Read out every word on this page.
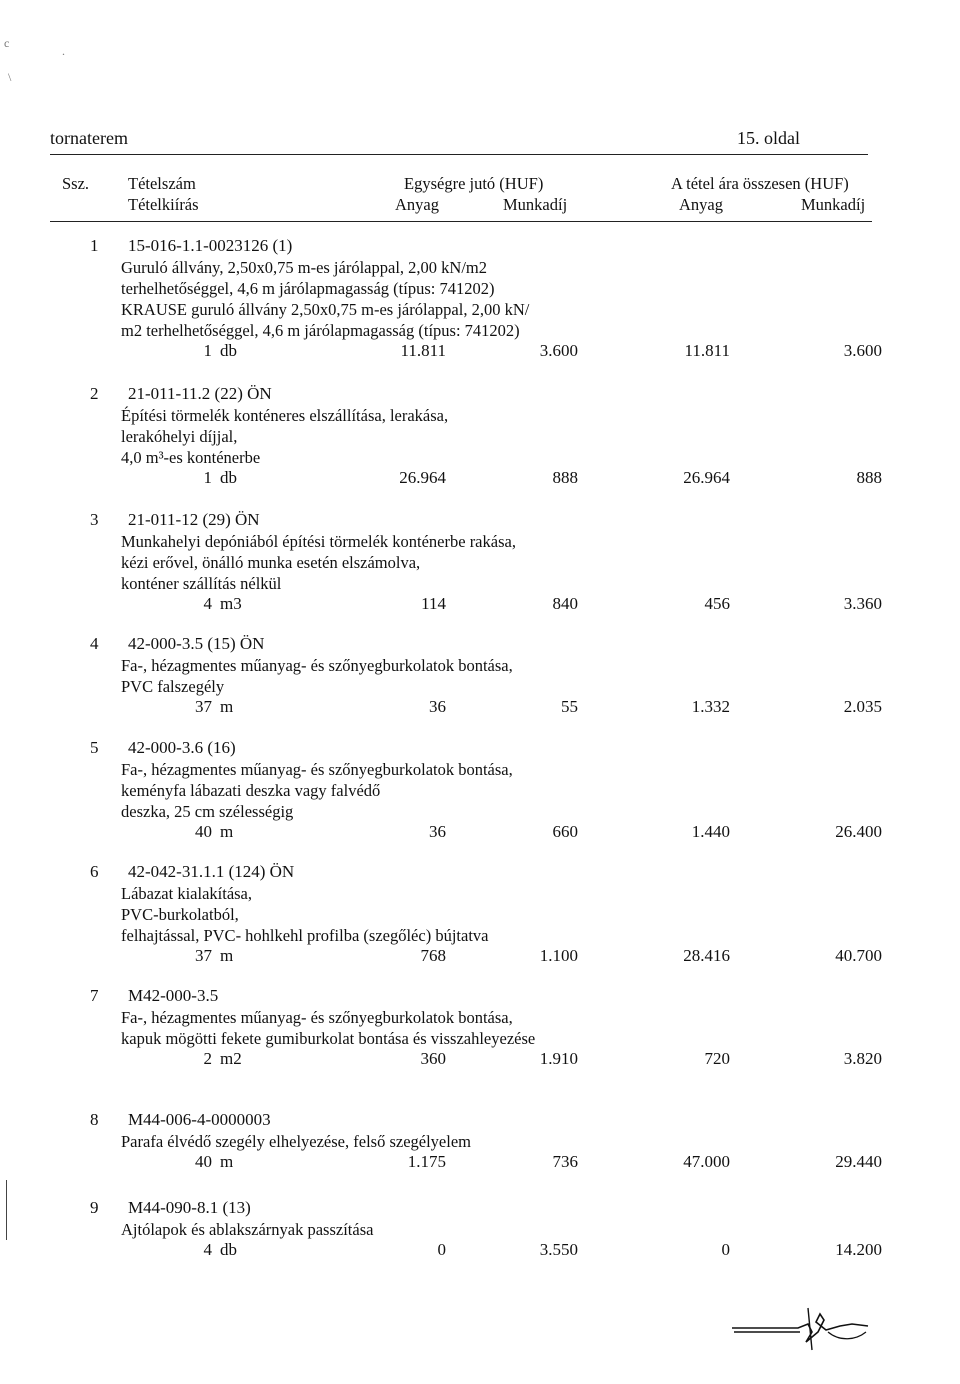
c
.
\
tornaterem	15. oldal
Ssz. Tételszám
Tételkiírás
Egységre jutó (HUF)
Anyag	Munkadíj
A tétel ára összesen (HUF)
Anyag	Munkadíj
1	15-016-1.1-0023126 (1)
Guruló állvány, 2,50x0,75 m-es járólappal, 2,00 kN/m2
terhelhetőséggel, 4,6 m járólapmagasság (típus: 741202)
KRAUSE guruló állvány 2,50x0,75 m-es járólappal, 2,00 kN/
m2 terhelhetőséggel, 4,6 m járólapmagasság (típus: 741202)
1 db	11.811	3.600	11.811	3.600
2	21-011-11.2 (22) ÖN
Építési törmelék konténeres elszállítása, lerakása,
lerakóhelyi díjjal,
4,0 m³-es konténerbe
1 db	26.964	888	26.964	888
3	21-011-12 (29) ÖN
Munkahelyi depóniából építési törmelék konténerbe rakása,
kézi erővel, önálló munka esetén elszámolva,
konténer szállítás nélkül
4 m3	114	840	456	3.360
4	42-000-3.5 (15) ÖN
Fa-, hézagmentes műanyag- és szőnyegburkolatok bontása,
PVC falszegély
37 m	36	55	1.332	2.035
5	42-000-3.6 (16)
Fa-, hézagmentes műanyag- és szőnyegburkolatok bontása,
keményfa lábazati deszka vagy falvédő
deszka, 25 cm szélességig
40 m	36	660	1.440	26.400
6	42-042-31.1.1 (124) ÖN
Lábazat kialakítása,
PVC-burkolatból,
felhajtással, PVC- hohlkehl profilba (szegőléc) bújtatva
37 m	768	1.100	28.416	40.700
7	M42-000-3.5
Fa-, hézagmentes műanyag- és szőnyegburkolatok bontása,
kapuk mögötti fekete gumiburkolat bontása és visszahleyezése
2 m2	360	1.910	720	3.820
8	M44-006-4-0000003
Parafa élvédő szegély elhelyezése, felső szegélyelem
40 m	1.175	736	47.000	29.440
9	M44-090-8.1 (13)
Ajtólapok és ablakszárnyak passzítása
4 db	0	3.550	0	14.200
